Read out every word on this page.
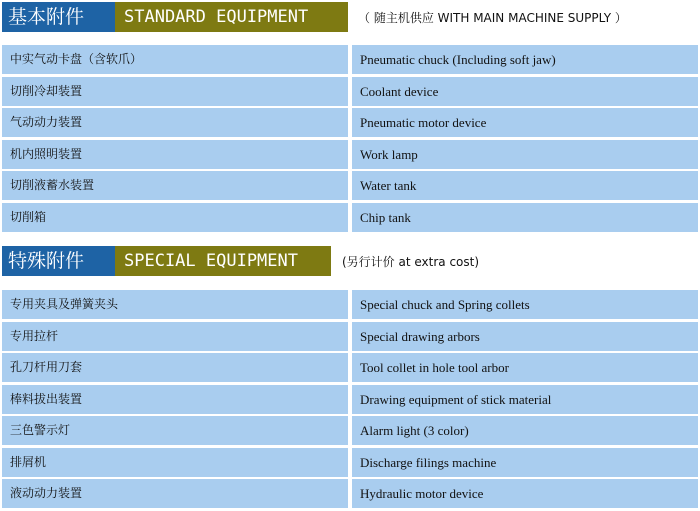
基本附件	STANDARD EQUIPMENT	（ 随主机供应 WITH MAIN MACHINE SUPPLY ）
中实气动卡盘（含软爪）	Pneumatic chuck (Including soft jaw)
切削冷却装置	Coolant device
气动动力装置	Pneumatic motor device
机内照明装置	Work lamp
切削液蓄水装置	Water tank
切削箱	Chip tank
特殊附件	SPECIAL EQUIPMENT	(另行计价 at extra cost)
专用夹具及弹簧夹头	Special chuck and Spring collets
专用拉杆	Special drawing arbors
孔刀杆用刀套	Tool collet in hole tool arbor
棒料拔出装置	Drawing equipment of stick material
三色警示灯	Alarm light (3 color)
排屑机	Discharge filings machine
液动动力装置	Hydraulic motor device
